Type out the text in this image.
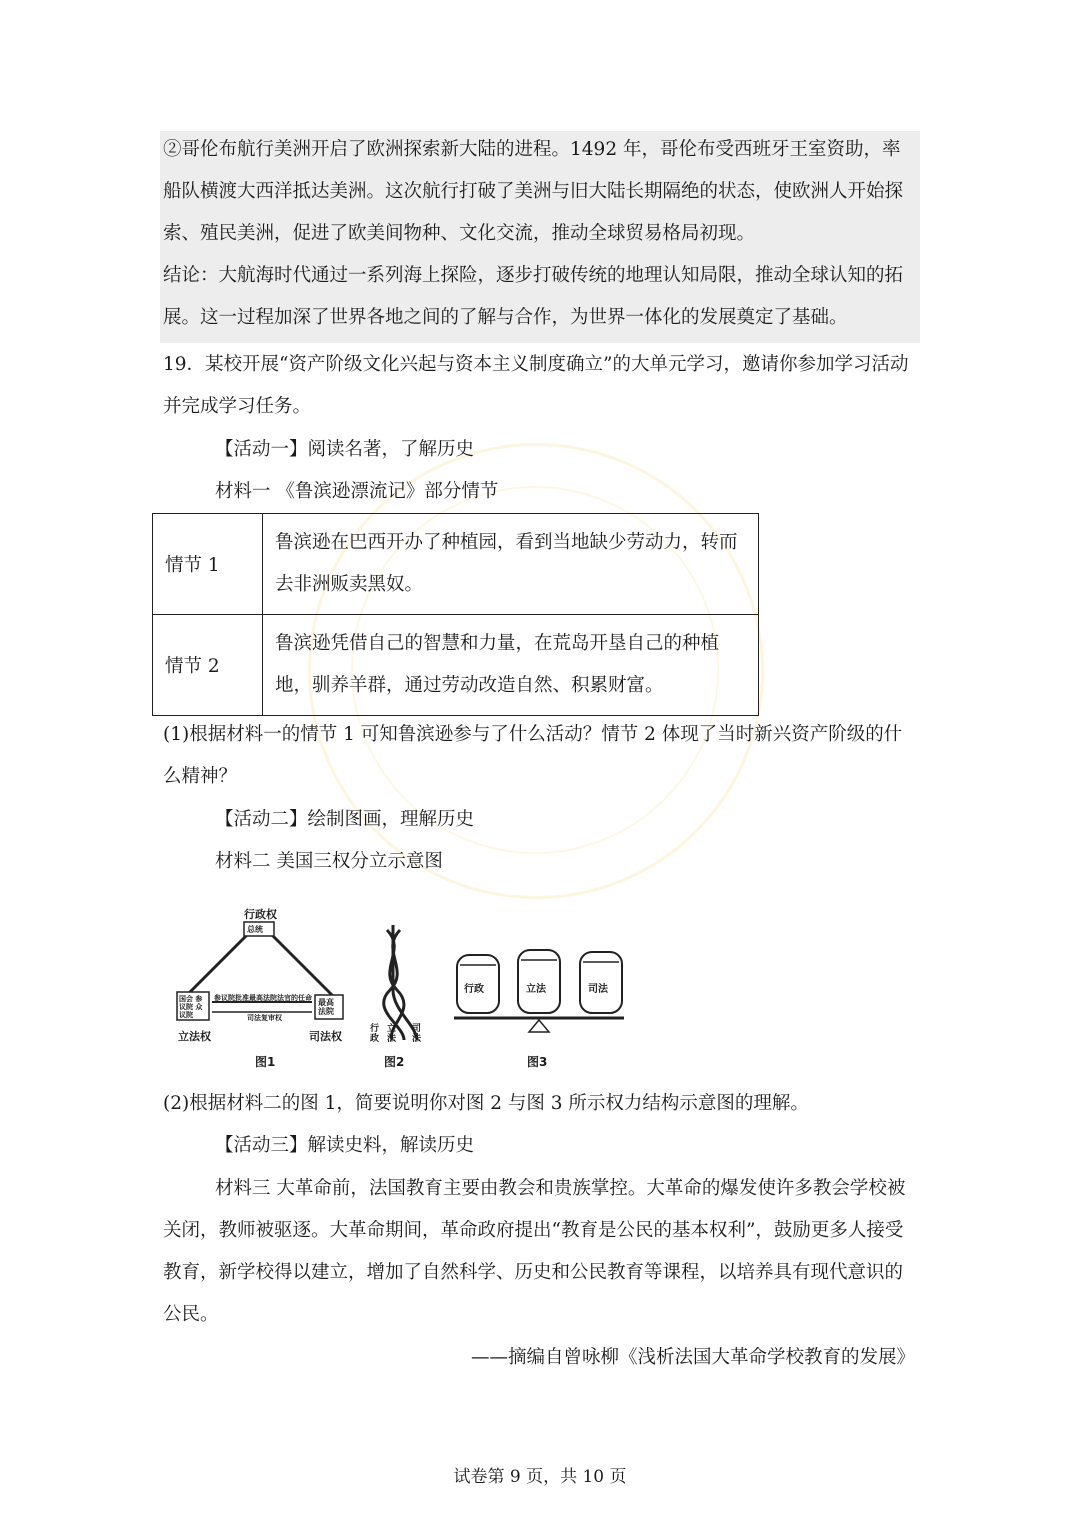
②哥伦布航行美洲开启了欧洲探索新大陆的进程。1492 年，哥伦布受西班牙王室资助，率船队横渡大西洋抵达美洲。这次航行打破了美洲与旧大陆长期隔绝的状态，使欧洲人开始探索、殖民美洲，促进了欧美间物种、文化交流，推动全球贸易格局初现。

结论：大航海时代通过一系列海上探险，逐步打破传统的地理认知局限，推动全球认知的拓展。这一过程加深了世界各地之间的了解与合作，为世界一体化的发展奠定了基础。

19．某校开展“资产阶级文化兴起与资本主义制度确立”的大单元学习，邀请你参加学习活动并完成学习任务。

【活动一】阅读名著，了解历史

材料一 《鲁滨逊漂流记》部分情节

情节 1	鲁滨逊在巴西开办了种植园，看到当地缺少劳动力，转而去非洲贩卖黑奴。
情节 2	鲁滨逊凭借自己的智慧和力量，在荒岛开垦自己的种植地，驯养羊群，通过劳动改造自然、积累财富。

(1)根据材料一的情节 1 可知鲁滨逊参与了什么活动？情节 2 体现了当时新兴资产阶级的什么精神？

【活动二】绘制图画，理解历史

材料二 美国三权分立示意图

行政权
总统
国会 参议院 众议院
最高 法院
参议院批准最高法院法官的任命
司法复审权
立法权	司法权
行政
立法
司法
行政	立法	司法
图1	图2	图3

(2)根据材料二的图 1，简要说明你对图 2 与图 3 所示权力结构示意图的理解。

【活动三】解读史料，解读历史

材料三 大革命前，法国教育主要由教会和贵族掌控。大革命的爆发使许多教会学校被关闭，教师被驱逐。大革命期间，革命政府提出“教育是公民的基本权利”，鼓励更多人接受教育，新学校得以建立，增加了自然科学、历史和公民教育等课程，以培养具有现代意识的公民。

——摘编自曾咏柳《浅析法国大革命学校教育的发展》
试卷第 9 页，共 10 页
